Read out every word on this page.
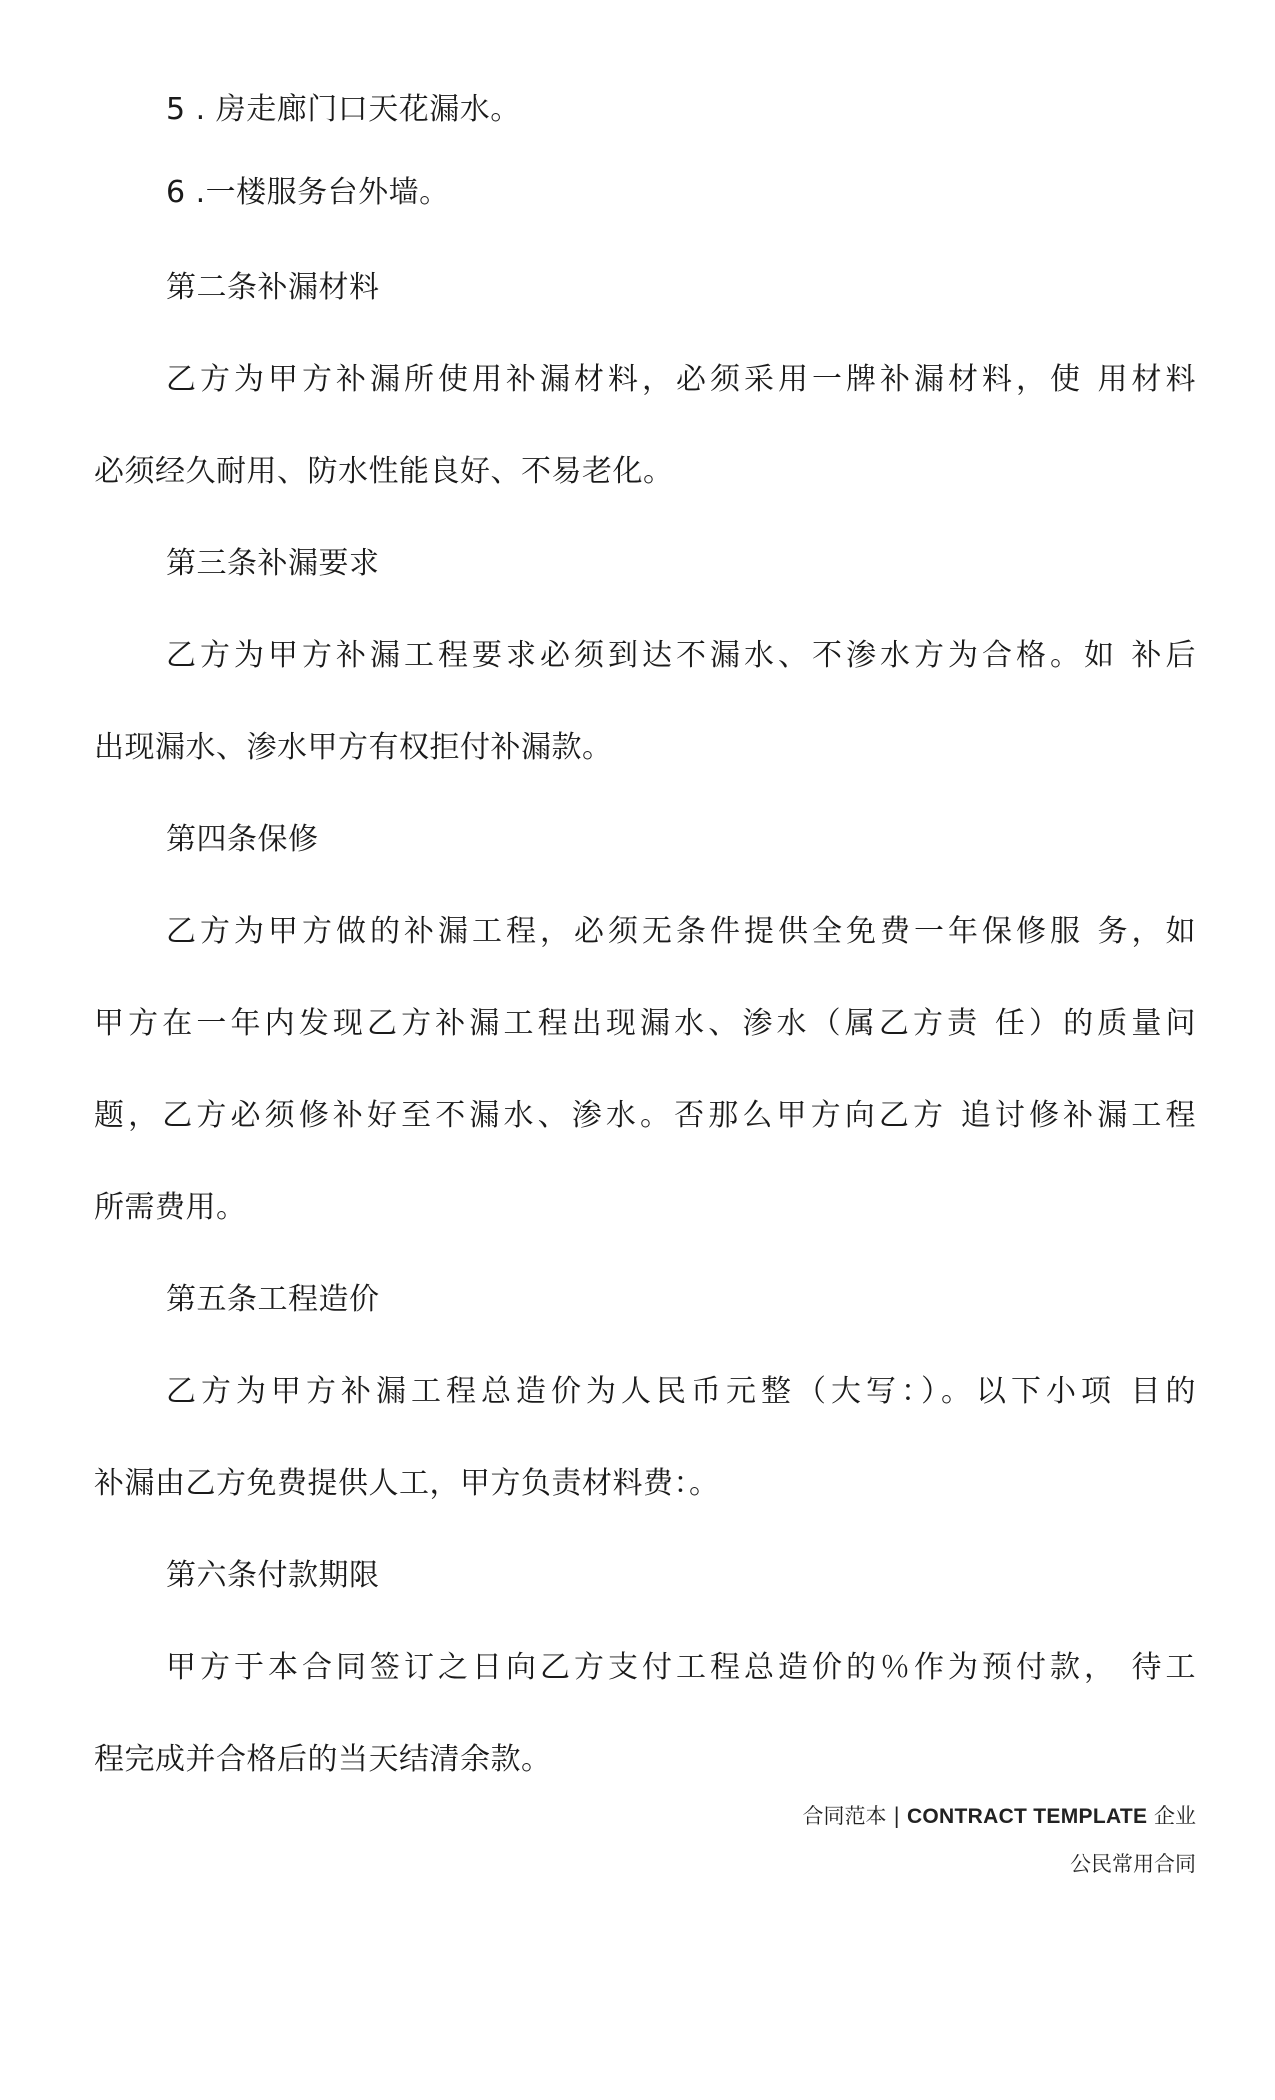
5 . 房走廊门口天花漏水。
6 .一楼服务台外墙。
第二条补漏材料
乙方为甲方补漏所使用补漏材料，必须采用一牌补漏材料，使 用材料
必须经久耐用、防水性能良好、不易老化。
第三条补漏要求
乙方为甲方补漏工程要求必须到达不漏水、不渗水方为合格。如 补后
出现漏水、渗水甲方有权拒付补漏款。
第四条保修
乙方为甲方做的补漏工程，必须无条件提供全免费一年保修服 务，如
甲方在一年内发现乙方补漏工程出现漏水、渗水（属乙方责 任）的质量问
题，乙方必须修补好至不漏水、渗水。否那么甲方向乙方 追讨修补漏工程
所需费用。
第五条工程造价
乙方为甲方补漏工程总造价为人民币元整（大写：）。以下小项 目的
补漏由乙方免费提供人工，甲方负责材料费：。
第六条付款期限
甲方于本合同签订之日向乙方支付工程总造价的％作为预付款， 待工
程完成并合格后的当天结清余款。
合同范本 | CONTRACT TEMPLATE 企业
公民常用合同
